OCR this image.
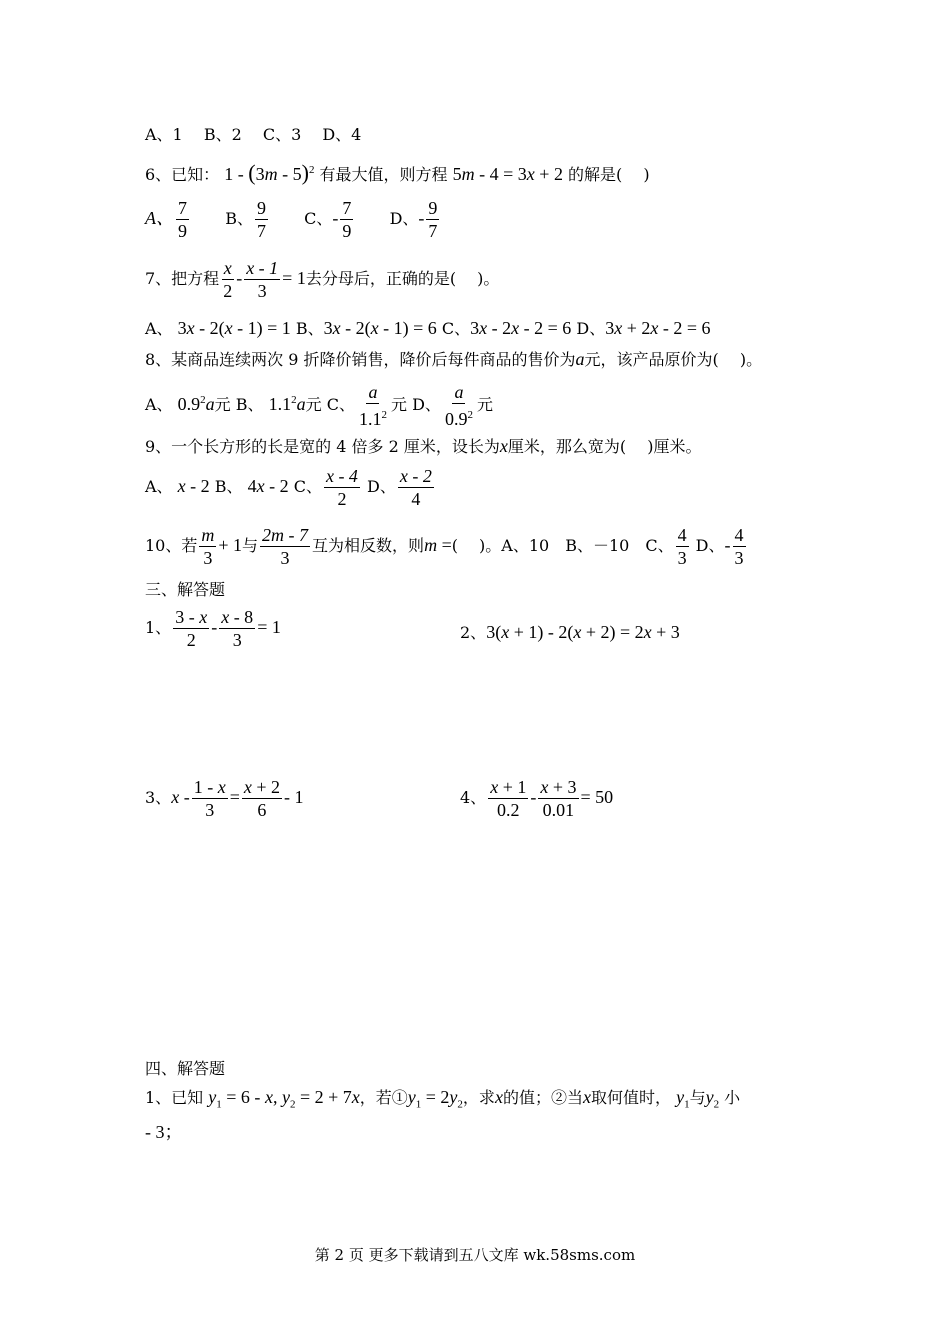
A、1　 B、2　 C、3　 D、4
6、已知： 1 - (3m - 5)$^2$ 有最大值，则方程 5m - 4 = 3x + 2 的解是(　 )
A、 $\frac{7}{9}$ B、 $\frac{9}{7}$ C、- $\frac{7}{9}$ D、- $\frac{9}{7}$
7、把方程 $\frac{x}{2} - \frac{x - 1}{3} = 1$去分母后，正确的是(　 )。
A、 3x - 2(x - 1) = 1 B、3x - 2(x - 1) = 6 C、3x - 2x - 2 = 6 D、3x + 2x - 2 = 6
8、某商品连续两次 9 折降价销售，降价后每件商品的售价为a元，该产品原价为(　 )。
A、 $0.9^2a$元 B、 $1.1^2a$元 C、 $\frac{a}{1.1^2}$ 元 D、 $\frac{a}{0.9^2}$ 元
9、一个长方形的长是宽的 4 倍多 2 厘米，设长为x厘米，那么宽为(　 )厘米。
A、 x - 2 B、 4x - 2 C、 $\frac{x - 4}{2}$ D、 $\frac{x - 2}{4}$
10、若 $\frac{m}{3} + 1$与 $\frac{2m - 7}{3}$ 互为相反数，则m =(　 )。A、10　B、－10　C、 $\frac{4}{3}$ D、- $\frac{4}{3}$
三、解答题
1、 $\frac{3 - x}{2} - \frac{x - 8}{3} = 1$	2、3(x + 1) - 2(x + 2) = 2x + 3
3、$x - \frac{1 - x}{3} = \frac{x + 2}{6} - 1$	4、 $\frac{x + 1}{0.2} - \frac{x + 3}{0.01} = 50$
四、解答题
1、已知 $y_1 = 6 - x$, $y_2 = 2 + 7x$，若$①y_1 = 2y_2$，求x的值；②当x取何值时， $y_1$与$y_2$ 小
- 3；
第 2 页 更多下载请到五八文库 wk.58sms.com
